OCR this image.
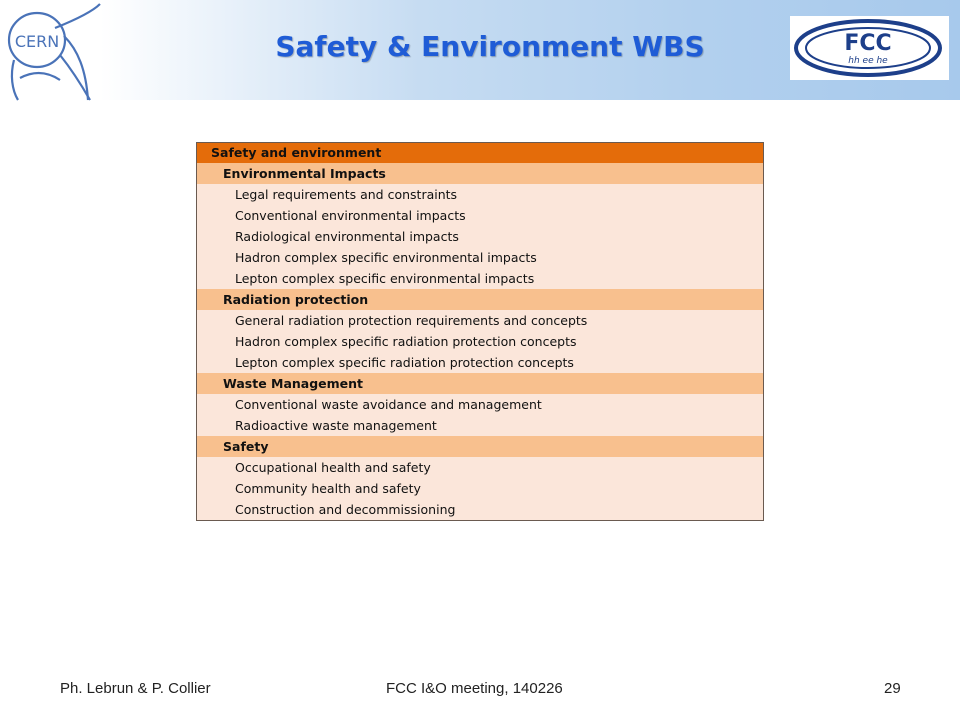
CERN	Safety & Environment WBS	FCC
hh ee he
Safety and environment
Environmental Impacts
Legal requirements and constraints
Conventional environmental impacts
Radiological environmental impacts
Hadron complex specific environmental impacts
Lepton complex specific environmental impacts
Radiation protection
General radiation protection requirements and concepts
Hadron complex specific radiation protection concepts
Lepton complex specific radiation protection concepts
Waste Management
Conventional waste avoidance and management
Radioactive waste management
Safety
Occupational health and safety
Community health and safety
Construction and decommissioning
Ph. Lebrun & P. Collier	FCC I&O meeting, 140226	29
